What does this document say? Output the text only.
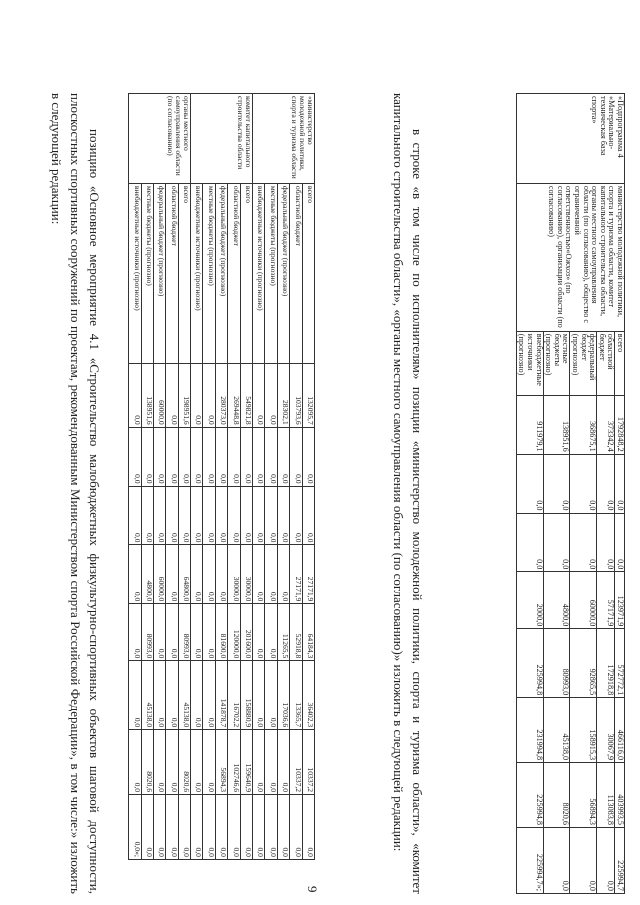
9
«Подпрограмма 4 «Материально-техническая база спорта»	министерство молодежной политики, спорта и туризма области, комитет капитального строительства области, органы местного самоуправления области (по согласованию), общество с ограниченной ответственностью«Ожхоз» (по согласованию), организации области (по согласованию)	всего	1792848,2	0,0	0,0	123971,9	572772,1	466116,0	403993,5	225994,7
		областной бюджет	373342,4	0,0	0,0	57171,9	172918,8	30067,9	113083,8	0,0
		федеральный бюджет (прогнозно)	368675,1	0,0	0,0	60000,0	92865,5	158915,3	56894,3	0,0
		местные бюджеты (прогнозно)	138951,6	0,0	0,0	4800,0	80993,0	45138,0	8020,6	0,0
		внебюджетные источники (прогнозно)	911979,1	0,0	0,0	2000,0	225994,8	231994,8	225994,8	225994,7»;
в строке «в том числе по исполнителям» позиции «министерство молодежной политики, спорта и туризма области», «комитет капитального строительства области», «органы местного самоуправления области (по согласованию)» изложить в следующей редакции:
«министерство молодежной политики, спорта и туризма области	всего	132095,7	0,0	0,0	27171,9	64184,3	36402,3	10337,2	0,0
	областной бюджет	103793,6	0,0	0,0	27171,9	52918,8	13365,7	10337,2	0,0
	федеральный бюджет (прогнозно)	28302,1	0,0	0,0	0,0	11265,5	17036,6	0,0	0,0
	местные бюджеты (прогнозно)	0,0	0,0	0,0	0,0	0,0	0,0	0,0	0,0
	внебюджетные источники (прогнозно)	0,0	0,0	0,0	0,0	0,0	0,0	0,0	0,0
комитет капитального строительства области	всего	549821,8	0,0	0,0	30000,0	201600,0	158880,9	159640,9	0,0
	областной бюджет	269448,8	0,0	0,0	30000,0	120000,0	16702,2	102746,6	0,0
	федеральный бюджет (прогнозно)	280373,0	0,0	0,0	0,0	81600,0	141878,7	56894,3	0,0
	местные бюджеты (прогнозно)	0,0	0,0	0,0	0,0	0,0	0,0	0,0	0,0
	внебюджетные источники (прогнозно)	0,0	0,0	0,0	0,0	0,0	0,0	0,0	0,0
органы местного самоуправления области (по согласованию)	всего	198951,6	0,0	0,0	64800,0	80993,0	45138,0	8020,6	0,0
	областной бюджет	0,0	0,0	0,0	0,0	0,0	0,0	0,0	0,0
	федеральный бюджет (прогнозно)	60000,0	0,0	0,0	60000,0	0,0	0,0	0,0	0,0
	местные бюджеты (прогнозно)	138951,6	0,0	0,0	4800,0	80993,0	45138,0	8020,6	0,0
	внебюджетные источники (прогнозно)	0,0	0,0	0,0	0,0	0,0	0,0	0,0	0,0»;
позицию «Основное мероприятие 4.1 «Строительство малобюджетных физкультурно-спортивных объектов шаговой доступности, плоскостных спортивных сооружений по проектам, рекомендованным Министерством спорта Российской Федерации», в том числе:» изложить в следующей редакции:
